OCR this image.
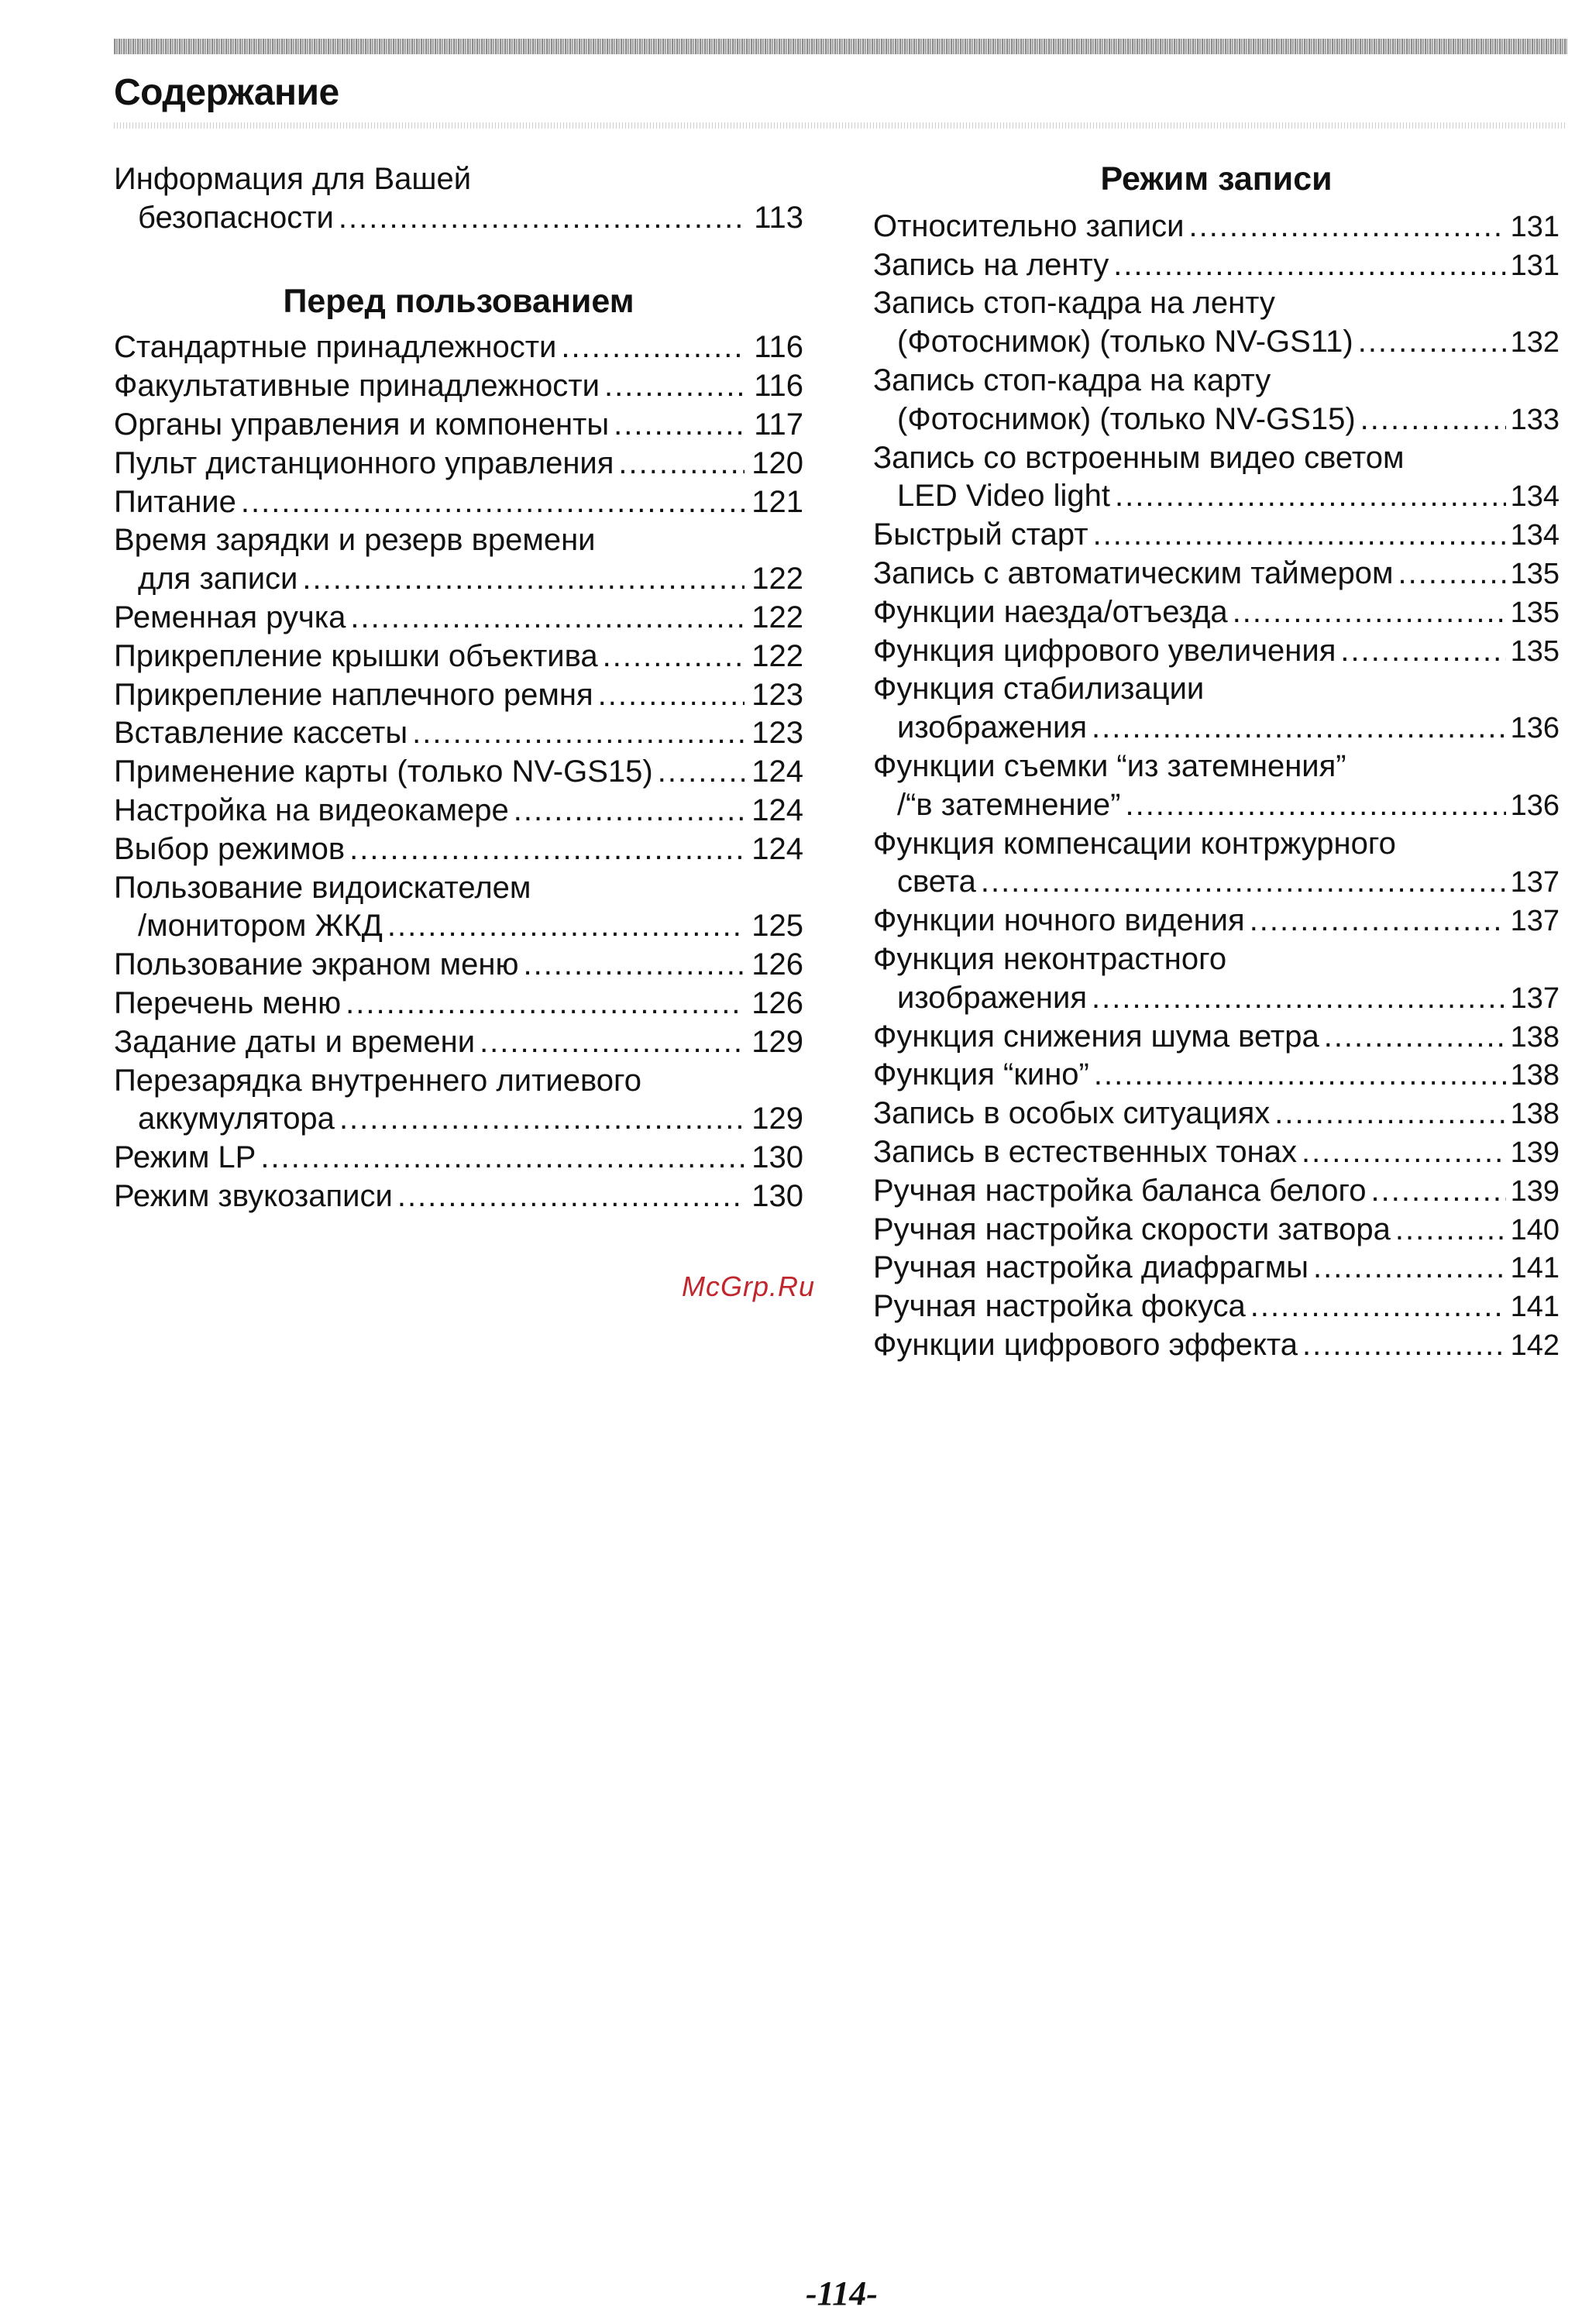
Содержание
Информация для Вашей
безопасности .....	113
Перед пользованием
Стандартные принадлежности .....	116
Факультативные принадлежности .....	116
Органы управления и компоненты .....	117
Пульт дистанционного управления .....	120
Питание .....	121
Время зарядки и резерв времени
для записи .....	122
Ременная ручка .....	122
Прикрепление крышки объектива .....	122
Прикрепление наплечного ремня .....	123
Вставление кассеты .....	123
Применение карты (только NV-GS15) .....	124
Настройка на видеокамере .....	124
Выбор режимов .....	124
Пользование видоискателем
/монитором ЖКД .....	125
Пользование экраном меню .....	126
Перечень меню .....	126
Задание даты и времени .....	129
Перезарядка внутреннего литиевого
аккумулятора .....	129
Режим LP .....	130
Режим звукозаписи .....	130
Режим записи
Относительно записи .....	131
Запись на ленту .....	131
Запись стоп-кадра на ленту
(Фотоснимок) (только NV-GS11) .....	132
Запись стоп-кадра на карту
(Фотоснимок) (только NV-GS15) .....	133
Запись со встроенным видео светом
LED Video light .....	134
Быстрый старт .....	134
Запись с автоматическим таймером .....	135
Функции наезда/отъезда .....	135
Функция цифрового увеличения .....	135
Функция стабилизации
изображения .....	136
Функции съемки “из затемнения”
/“в затемнение” .....	136
Функция компенсации контржурного
света .....	137
Функции ночного видения .....	137
Функция неконтрастного
изображения .....	137
Функция снижения шума ветра .....	138
Функция “кино” .....	138
Запись в особых ситуациях .....	138
Запись в естественных тонах .....	139
Ручная настройка баланса белого .....	139
Ручная настройка скорости затвора .....	140
Ручная настройка диафрагмы .....	141
Ручная настройка фокуса .....	141
Функции цифрового эффекта .....	142
McGrp.Ru
-114-
